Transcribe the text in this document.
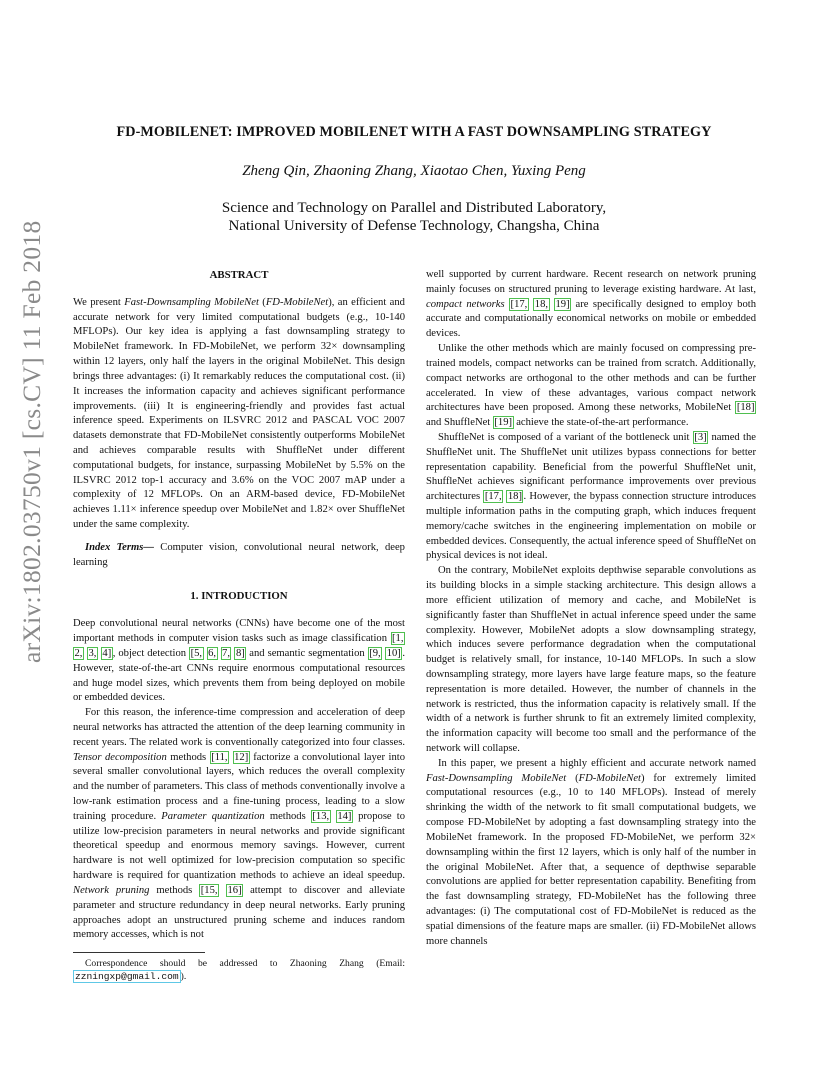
arXiv:1802.03750v1 [cs.CV] 11 Feb 2018
FD-MOBILENET: IMPROVED MOBILENET WITH A FAST DOWNSAMPLING STRATEGY
Zheng Qin, Zhaoning Zhang, Xiaotao Chen, Yuxing Peng
Science and Technology on Parallel and Distributed Laboratory,
National University of Defense Technology, Changsha, China

ABSTRACT

We present Fast-Downsampling MobileNet (FD-MobileNet), an efficient and accurate network for very limited computational budgets (e.g., 10-140 MFLOPs). Our key idea is applying a fast downsampling strategy to MobileNet framework. In FD-MobileNet, we perform 32× downsampling within 12 layers, only half the layers in the original MobileNet. This design brings three advantages: (i) It remarkably reduces the computational cost. (ii) It increases the information capacity and achieves significant performance improvements. (iii) It is engineering-friendly and provides fast actual inference speed. Experiments on ILSVRC 2012 and PASCAL VOC 2007 datasets demonstrate that FD-MobileNet consistently outperforms MobileNet and achieves comparable results with ShuffleNet under different computational budgets, for instance, surpassing MobileNet by 5.5% on the ILSVRC 2012 top-1 accuracy and 3.6% on the VOC 2007 mAP under a complexity of 12 MFLOPs. On an ARM-based device, FD-MobileNet achieves 1.11× inference speedup over MobileNet and 1.82× over ShuffleNet under the same complexity.

Index Terms— Computer vision, convolutional neural network, deep learning

1. INTRODUCTION

Deep convolutional neural networks (CNNs) have become one of the most important methods in computer vision tasks such as image classification [1, 2, 3, 4] , object detection [5, 6, 7, 8] and semantic segmentation [9, 10] . However, state-of-the-art CNNs require enormous computational resources and huge model sizes, which prevents them from being deployed on mobile or embedded devices.

For this reason, the inference-time compression and acceleration of deep neural networks has attracted the attention of the deep learning community in recent years. The related work is conventionally categorized into four classes. Tensor decomposition methods [11, 12] factorize a convolutional layer into several smaller convolutional layers, which reduces the overall complexity and the number of parameters. This class of methods conventionally involve a low-rank estimation process and a fine-tuning process, leading to a slow training procedure. Parameter quantization methods [13, 14] propose to utilize low-precision parameters in neural networks and provide significant theoretical speedup and enormous memory savings. However, current hardware is not well optimized for low-precision computation so specific hardware is required for quantization methods to achieve an ideal speedup. Network pruning methods [15, 16] attempt to discover and alleviate parameter and structure redundancy in deep neural networks. Early pruning approaches adopt an unstructured pruning scheme and induces random memory accesses, which is not

well supported by current hardware. Recent research on network pruning mainly focuses on structured pruning to leverage existing hardware. At last, compact networks [17, 18, 19] are specifically designed to employ both accurate and computationally economical networks on mobile or embedded devices.

Unlike the other methods which are mainly focused on compressing pre-trained models, compact networks can be trained from scratch. Additionally, compact networks are orthogonal to the other methods and can be further accelerated. In view of these advantages, various compact network architectures have been proposed. Among these networks, MobileNet [18] and ShuffleNet [19] achieve the state-of-the-art performance.

ShuffleNet is composed of a variant of the bottleneck unit [3] named the ShuffleNet unit. The ShuffleNet unit utilizes bypass connections for better representation capability. Beneficial from the powerful ShuffleNet unit, ShuffleNet achieves significant performance improvements over previous architectures [17, 18] . However, the bypass connection structure introduces multiple information paths in the computing graph, which induces frequent memory/cache switches in the engineering implementation on mobile or embedded devices. Consequently, the actual inference speed of ShuffleNet on physical devices is not ideal.

On the contrary, MobileNet exploits depthwise separable convolutions as its building blocks in a simple stacking architecture. This design allows a more efficient utilization of memory and cache, and MobileNet is significantly faster than ShuffleNet in actual inference speed under the same complexity. However, MobileNet adopts a slow downsampling strategy, which induces severe performance degradation when the computational budget is relatively small, for instance, 10-140 MFLOPs. In such a slow downsampling strategy, more layers have large feature maps, so the feature representation is more detailed. However, the number of channels in the network is restricted, thus the information capacity is relatively small. If the width of a network is further shrunk to fit an extremely limited complexity, the information capacity will become too small and the performance of the network will collapse.

In this paper, we present a highly efficient and accurate network named Fast-Downsampling MobileNet (FD-MobileNet) for extremely limited computational resources (e.g., 10 to 140 MFLOPs). Instead of merely shrinking the width of the network to fit small computational budgets, we compose FD-MobileNet by adopting a fast downsampling strategy into the MobileNet framework. In the proposed FD-MobileNet, we perform 32× downsampling within the first 12 layers, which is only half of the number in the original MobileNet. After that, a sequence of depthwise separable convolutions are applied for better representation capability. Benefiting from the fast downsampling strategy, FD-MobileNet has the following three advantages: (i) The computational cost of FD-MobileNet is reduced as the spatial dimensions of the feature maps are smaller. (ii) FD-MobileNet allows more channels

Correspondence should be addressed to Zhaoning Zhang (Email: zzningxp@gmail.com ).
